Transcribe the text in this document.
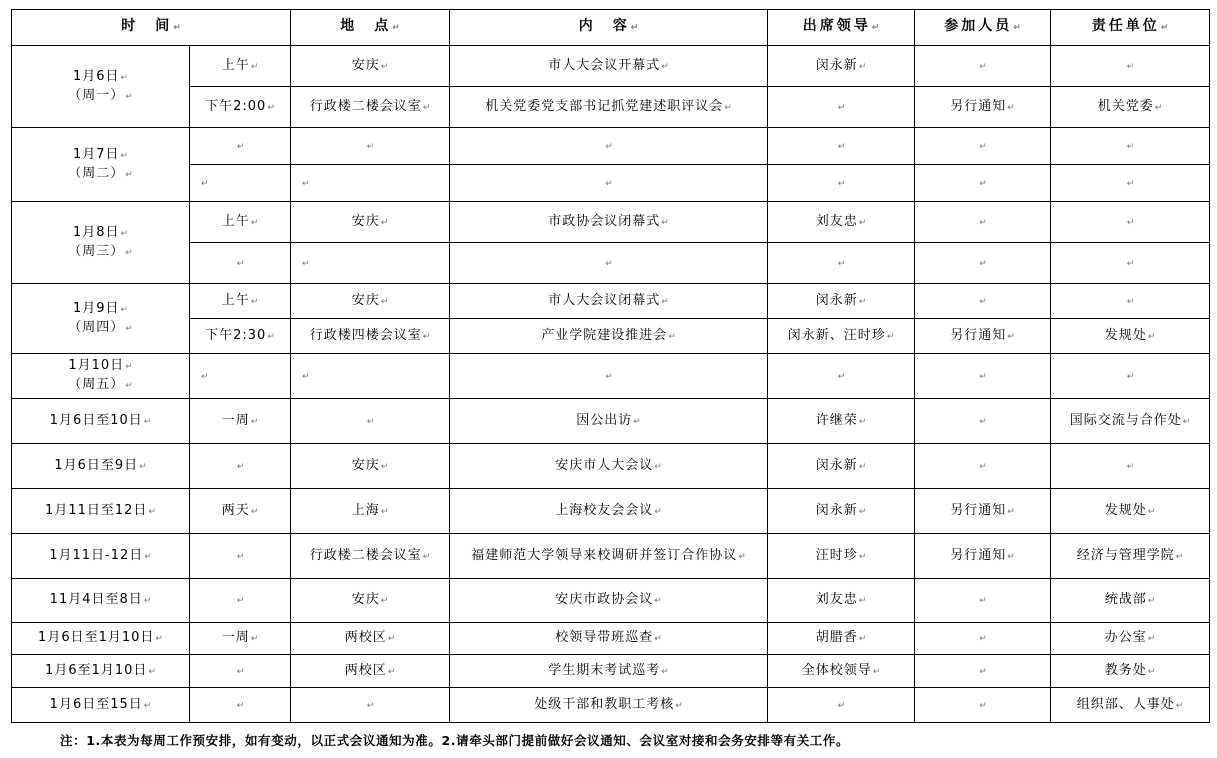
时　间↵		地　点↵	内　容↵	出席领导↵	参加人员↵	责任单位↵

1月6日↵
（周一）↵	上午↵	安庆↵	市人大会议开幕式↵	闵永新↵	↵	↵
	下午2:00↵	行政楼二楼会议室↵	机关党委党支部书记抓党建述职评议会↵	↵	另行通知↵	机关党委↵

1月7日↵
（周二）↵	↵	↵	↵	↵	↵	↵
	↵	↵	↵	↵	↵	↵

1月8日↵
（周三）↵	上午↵	安庆↵	市政协会议闭幕式↵	刘友忠↵	↵	↵
	↵	↵	↵	↵	↵	↵

1月9日↵
（周四）↵	上午↵	安庆↵	市人大会议闭幕式↵	闵永新↵	↵	↵
	下午2:30↵	行政楼四楼会议室↵	产业学院建设推进会↵	闵永新、汪时珍↵	另行通知↵	发规处↵

1月10日↵
（周五）↵	↵	↵	↵	↵	↵	↵
1月6日至10日↵	一周↵	↵	因公出访↵	许继荣↵	↵	国际交流与合作处↵
1月6日至9日↵	↵	安庆↵	安庆市人大会议↵	闵永新↵	↵	↵
1月11日至12日↵	两天↵	上海↵	上海校友会会议↵	闵永新↵	另行通知↵	发规处↵
1月11日-12日↵	↵	行政楼二楼会议室↵	福建师范大学领导来校调研并签订合作协议↵	汪时珍↵	另行通知↵	经济与管理学院↵
11月4日至8日↵	↵	安庆↵	安庆市政协会议↵	刘友忠↵	↵	统战部↵
1月6日至1月10日↵	一周↵	两校区↵	校领导带班巡查↵	胡腊香↵	↵	办公室↵
1月6至1月10日↵	↵	两校区↵	学生期末考试巡考↵	全体校领导↵	↵	教务处↵
1月6日至15日↵	↵	↵	处级干部和教职工考核↵	↵	↵	组织部、人事处↵
注：1.本表为每周工作预安排，如有变动，以正式会议通知为准。2.请牵头部门提前做好会议通知、会议室对接和会务安排等有关工作。
